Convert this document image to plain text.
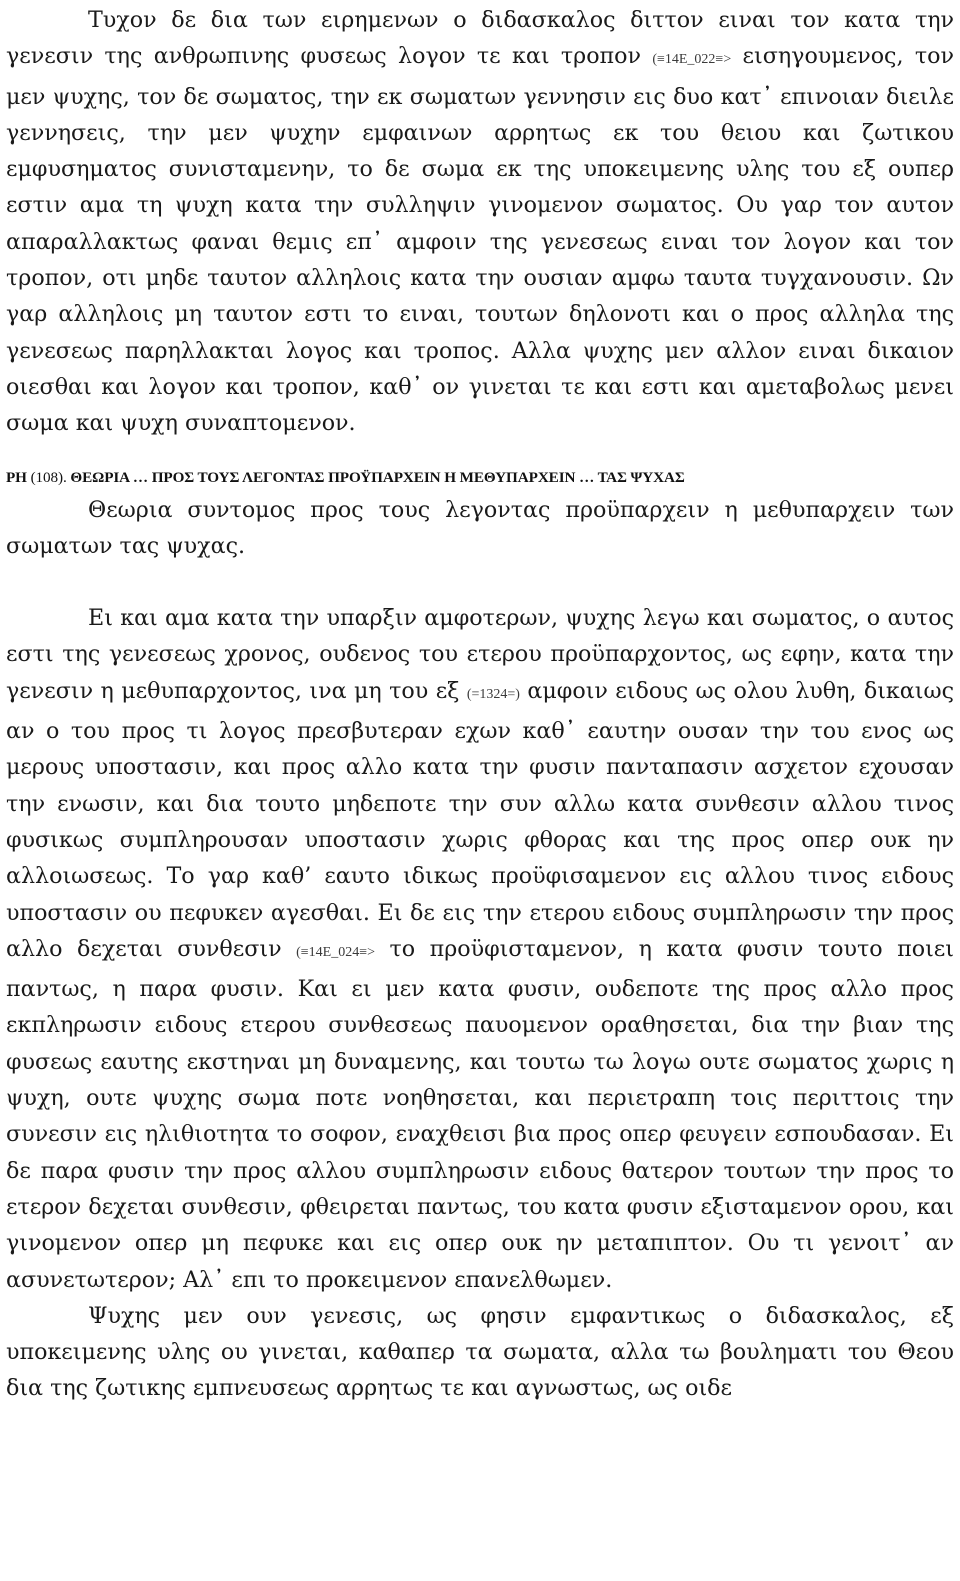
Τυχον δε δια των ειρημενων ο διδασκαλος διττον ειναι τον κατα την γενεσιν της ανθρωπινης φυσεως λογον τε και τροπον (≡14E_022≡> εισηγουμενος, τον μεν ψυχης, τον δε σωματος, την εκ σωματων γεννησιν εις δυο κατ᾽ επινοιαν διειλε γεννησεις, την μεν ψυχην εμφαινων αρρητως εκ του θειου και ζωτικου εμφυσηματος συνισταμενην, το δε σωμα εκ της υποκειμενης υλης του εξ ουπερ εστιν αμα τη ψυχη κατα την συλληψιν γινομενον σωματος. Ου γαρ τον αυτον απαραλλακτως φαναι θεμις επ᾽ αμφοιν της γενεσεως ειναι τον λογον και τον τροπον, οτι μηδε ταυτον αλληλοις κατα την ουσιαν αμφω ταυτα τυγχανουσιν. Ων γαρ αλληλοις μη ταυτον εστι το ειναι, τουτων δηλονοτι και ο προς αλληλα της γενεσεως παρηλλακται λογος και τροπος. Αλλα ψυχης μεν αλλον ειναι δικαιον οιεσθαι και λογον και τροπον, καθ᾽ ον γινεται τε και εστι και αμεταβολως μενει σωμα και ψυχη συναπτομενον.

ΡΗ (108). ΘΕΩΡΙΑ … ΠΡΟΣ ΤΟΥΣ ΛΕΓΟΝΤΑΣ ΠΡΟΫΠΑΡΧΕΙΝ Η ΜΕΘΥΠΑΡΧΕΙΝ … ΤΑΣ ΨΥΧΑΣ

Θεωρια συντομος προς τους λεγοντας προϋπαρχειν η μεθυπαρχειν των σωματων τας ψυχας.

Ει και αμα κατα την υπαρξιν αμφοτερων, ψυχης λεγω και σωματος, ο αυτος εστι της γενεσεως χρονος, ουδενος του ετερου προϋπαρχοντος, ως εφην, κατα την γενεσιν η μεθυπαρχοντος, ινα μη του εξ (=1324=) αμφοιν ειδους ως ολου λυθη, δικαιως αν ο του προς τι λογος πρεσβυτεραν εχων καθ᾽ εαυτην ουσαν την του ενος ως μερους υποστασιν, και προς αλλο κατα την φυσιν πανταπασιν ασχετον εχουσαν την ενωσιν, και δια τουτο μηδεποτε την συν αλλω κατα συνθεσιν αλλου τινος φυσικως συμπληρουσαν υποστασιν χωρις φθορας και της προς οπερ ουκ ην αλλοιωσεως. Το γαρ καθ’ εαυτο ιδικως προϋφισαμενον εις αλλου τινος ειδους υποστασιν ου πεφυκεν αγεσθαι. Ει δε εις την ετερου ειδους συμπληρωσιν την προς αλλο δεχεται συνθεσιν (≡14E_024≡> το προϋφισταμενον, η κατα φυσιν τουτο ποιει παντως, η παρα φυσιν. Και ει μεν κατα φυσιν, ουδεποτε της προς αλλο προς εκπληρωσιν ειδους ετερου συνθεσεως παυομενον οραθησεται, δια την βιαν της φυσεως εαυτης εκστηναι μη δυναμενης, και τουτω τω λογω ουτε σωματος χωρις η ψυχη, ουτε ψυχης σωμα ποτε νοηθησεται, και περιετραπη τοις περιττοις την συνεσιν εις ηλιθιοτητα το σοφον, εναχθεισι βια προς οπερ φευγειν εσπουδασαν. Ει δε παρα φυσιν την προς αλλου συμπληρωσιν ειδους θατερον τουτων την προς το ετερον δεχεται συνθεσιν, φθειρεται παντως, του κατα φυσιν εξισταμενον ορου, και γινομενον οπερ μη πεφυκε και εις οπερ ουκ ην μεταπιπτον. Ου τι γενοιτ᾽ αν ασυνετωτερον; Αλ᾽ επι το προκειμενον επανελθωμεν.

Ψυχης μεν ουν γενεσις, ως φησιν εμφαντικως ο διδασκαλος, εξ υποκειμενης υλης ου γινεται, καθαπερ τα σωματα, αλλα τω βουληματι του Θεου δια της ζωτικης εμπνευσεως αρρητως τε και αγνωστως, ως οιδε
